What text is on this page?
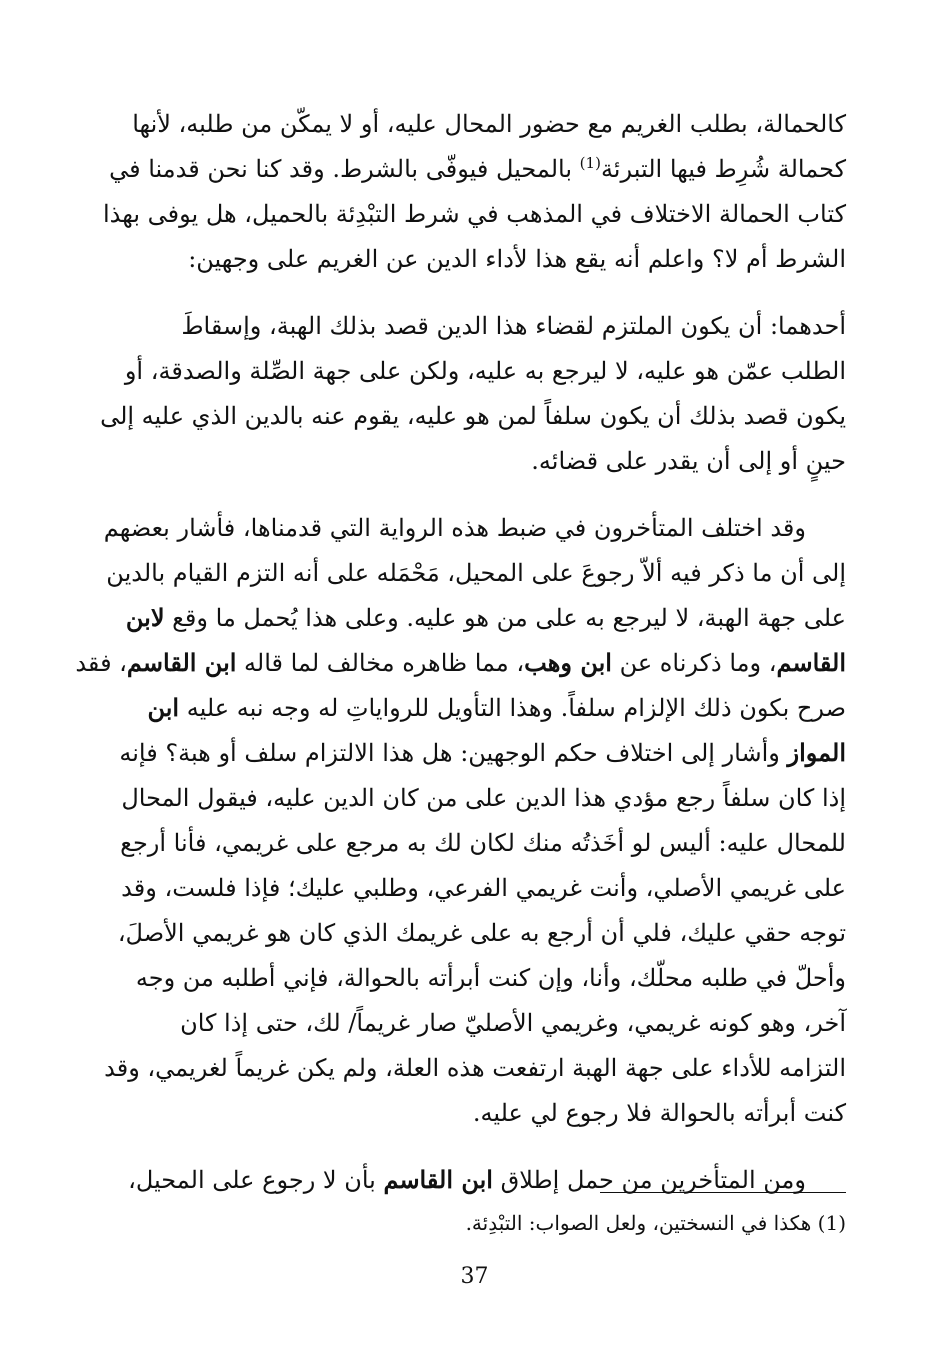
كالحمالة، بطلب الغريم مع حضور المحال عليه، أو لا يمكّن من طلبه، لأنها
كحمالة شُرِط فيها التبرئة$^{(1)}$ بالمحيل فيوفّى بالشرط. وقد كنا نحن قدمنا في
كتاب الحمالة الاختلاف في المذهب في شرط التبْدِئة بالحميل، هل يوفى بهذا
الشرط أم لا؟ واعلم أنه يقع هذا لأداء الدين عن الغريم على وجهين:
أحدهما: أن يكون الملتزم لقضاء هذا الدين قصد بذلك الهبة، وإسقاطَ
الطلب عمّن هو عليه، لا ليرجع به عليه، ولكن على جهة الصِّلة والصدقة، أو
يكون قصد بذلك أن يكون سلفاً لمن هو عليه، يقوم عنه بالدين الذي عليه إلى
حينٍ أو إلى أن يقدر على قضائه.
وقد اختلف المتأخرون في ضبط هذه الرواية التي قدمناها، فأشار بعضهم
إلى أن ما ذكر فيه ألاّ رجوعَ على المحيل، مَحْمَله على أنه التزم القيام بالدين
على جهة الهبة، لا ليرجع به على من هو عليه. وعلى هذا يُحمل ما وقع لابن
القاسم، وما ذكرناه عن ابن وهب، مما ظاهره مخالف لما قاله ابن القاسم، فقد
صرح بكون ذلك الإلزام سلفاً. وهذا التأويل للرواياتِ له وجه نبه عليه ابن
المواز وأشار إلى اختلاف حكم الوجهين: هل هذا الالتزام سلف أو هبة؟ فإنه
إذا كان سلفاً رجع مؤدي هذا الدين على من كان الدين عليه، فيقول المحال
للمحال عليه: أليس لو أخَذتُه منك لكان لك به مرجع على غريمي، فأنا أرجع
على غريمي الأصلي، وأنت غريمي الفرعي، وطلبي عليك؛ فإذا فلست، وقد
توجه حقي عليك، فلي أن أرجع به على غريمك الذي كان هو غريمي الأصلَ،
وأحلّ في طلبه محلّك، وأنا، وإن كنت أبرأته بالحوالة، فإني أطلبه من وجه
آخر، وهو كونه غريمي، وغريمي الأصليّ صار غريماً/ لك، حتى إذا كان
التزامه للأداء على جهة الهبة ارتفعت هذه العلة، ولم يكن غريماً لغريمي، وقد
كنت أبرأته بالحوالة فلا رجوع لي عليه.
ومن المتأخرين من حمل إطلاق ابن القاسم بأن لا رجوع على المحيل،
(1) هكذا في النسختين، ولعل الصواب: التبْدِئة.
37
